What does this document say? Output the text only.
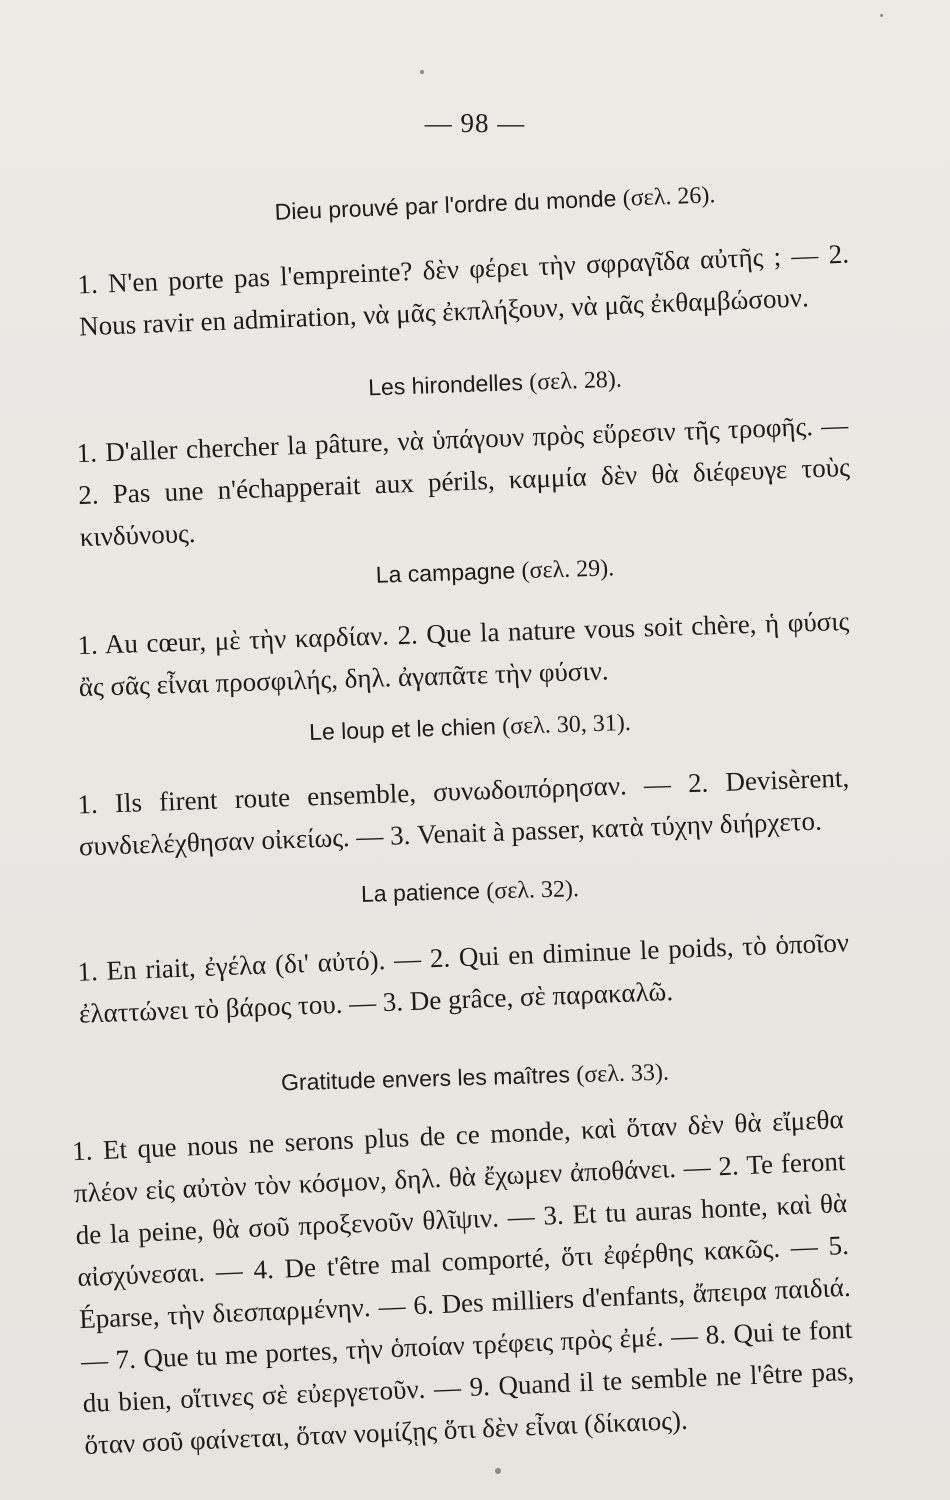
— 98 —
Dieu prouvé par l'ordre du monde (σελ. 26).
1. N'en porte pas l'empreinte? δὲν φέρει τὴν σφραγῖδα αὐτῆς ; — 2. Nous ravir en admiration, νὰ μᾶς ἐκπλήξουν, νὰ μᾶς ἐκθαμβώσουν.
Les hirondelles (σελ. 28).
1. D'aller chercher la pâture, νὰ ὑπάγουν πρὸς εὕρεσιν τῆς τροφῆς. — 2. Pas une n'échapperait aux périls, καμμία δὲν θὰ διέφευγε τοὺς κινδύνους.
La campagne (σελ. 29).
1. Au cœur, μὲ τὴν καρδίαν. 2. Que la nature vous soit chère, ἡ φύσις ἂς σᾶς εἶναι προσφιλής, δηλ. ἀγαπᾶτε τὴν φύσιν.
Le loup et le chien (σελ. 30, 31).
1. Ils firent route ensemble, συνωδοιπόρησαν. — 2. Devisèrent, συνδιελέχθησαν οἰκείως. — 3. Venait à passer, κατὰ τύχην διήρχετο.
La patience (σελ. 32).
1. En riait, ἐγέλα (δι' αὐτό). — 2. Qui en diminue le poids, τὸ ὁποῖον ἐλαττώνει τὸ βάρος του. — 3. De grâce, σὲ παρακαλῶ.
Gratitude envers les maîtres (σελ. 33).
1. Et que nous ne serons plus de ce monde, καὶ ὅταν δὲν θὰ εἴμεθα πλέον εἰς αὐτὸν τὸν κόσμον, δηλ. θὰ ἔχωμεν ἀποθάνει. — 2. Te feront de la peine, θὰ σοῦ προξενοῦν θλῖψιν. — 3. Et tu auras honte, καὶ θὰ αἰσχύνεσαι. — 4. De t'être mal comporté, ὅτι ἐφέρθης κακῶς. — 5. Éparse, τὴν διεσπαρμένην. — 6. Des milliers d'enfants, ἄπειρα παιδιά. — 7. Que tu me portes, τὴν ὁποίαν τρέφεις πρὸς ἐμέ. — 8. Qui te font du bien, οἵτινες σὲ εὐεργετοῦν. — 9. Quand il te semble ne l'être pas, ὅταν σοῦ φαίνεται, ὅταν νομίζῃς ὅτι δὲν εἶναι (δίκαιος).
